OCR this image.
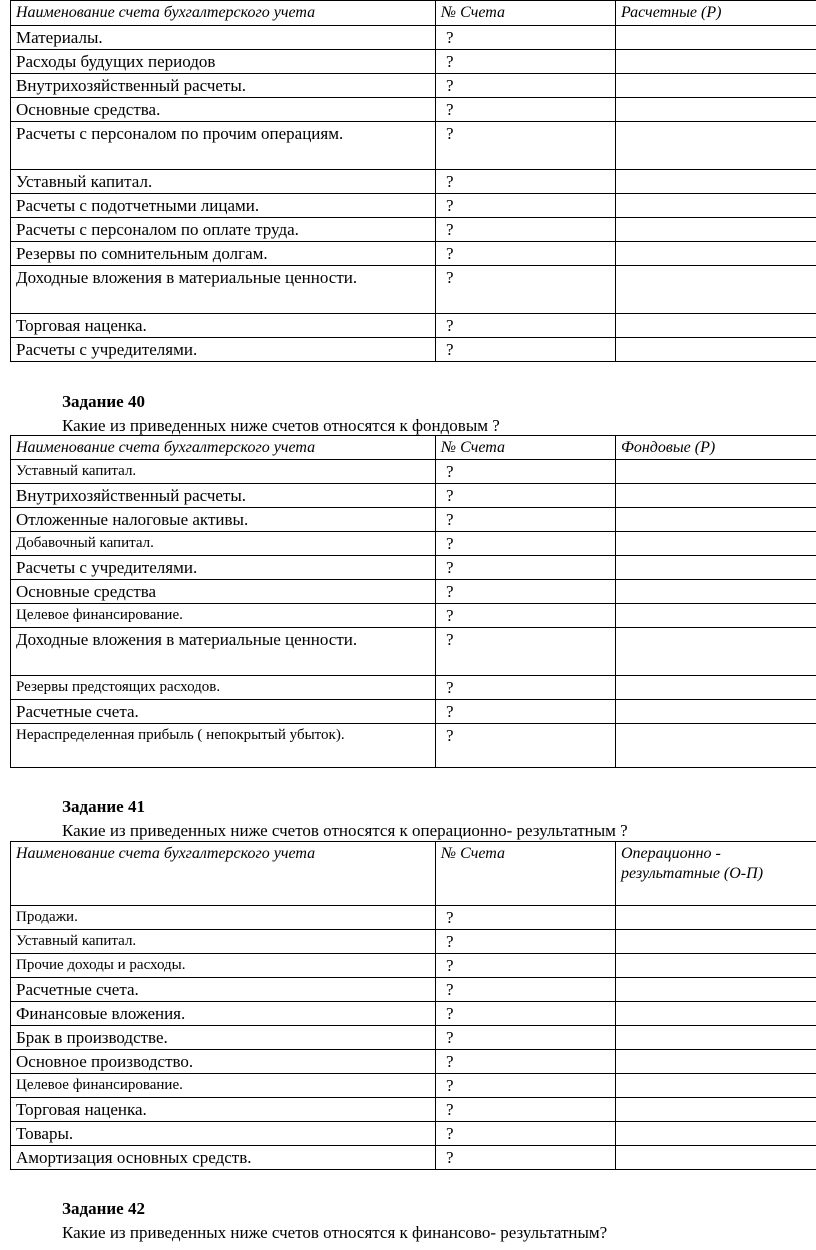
Наименование счета бухгалтерского учета	№ Счета	Расчетные (Р)
Материалы.	?	
Расходы будущих периодов	?	
Внутрихозяйственный расчеты.	?	
Основные средства.	?	
Расчеты с персоналом по прочим операциям.	?	
Уставный капитал.	?	
Расчеты с подотчетными лицами.	?	
Расчеты с персоналом по оплате труда.	?	
Резервы по сомнительным долгам.	?	
Доходные вложения в материальные ценности.	?	
Торговая наценка.	?	
Расчеты с учредителями.	?	
Задание 40
Какие из приведенных ниже счетов относятся к фондовым ?
Наименование счета бухгалтерского учета	№ Счета	Фондовые (Р)
Уставный капитал.	?	
Внутрихозяйственный расчеты.	?	
Отложенные налоговые активы.	?	
Добавочный капитал.	?	
Расчеты с учредителями.	?	
Основные средства	?	
Целевое финансирование.	?	
Доходные вложения в материальные ценности.	?	
Резервы предстоящих расходов.	?	
Расчетные счета.	?	
Нераспределенная прибыль ( непокрытый убыток).	?	
Задание 41
Какие из приведенных ниже счетов относятся к операционно- результатным ?
Наименование счета бухгалтерского учета	№ Счета	Операционно - результатные (О-П)
Продажи.	?	
Уставный капитал.	?	
Прочие доходы и расходы.	?	
Расчетные счета.	?	
Финансовые вложения.	?	
Брак в производстве.	?	
Основное производство.	?	
Целевое финансирование.	?	
Торговая наценка.	?	
Товары.	?	
Амортизация основных средств.	?	
Задание 42
Какие из приведенных ниже счетов относятся к финансово- результатным?
